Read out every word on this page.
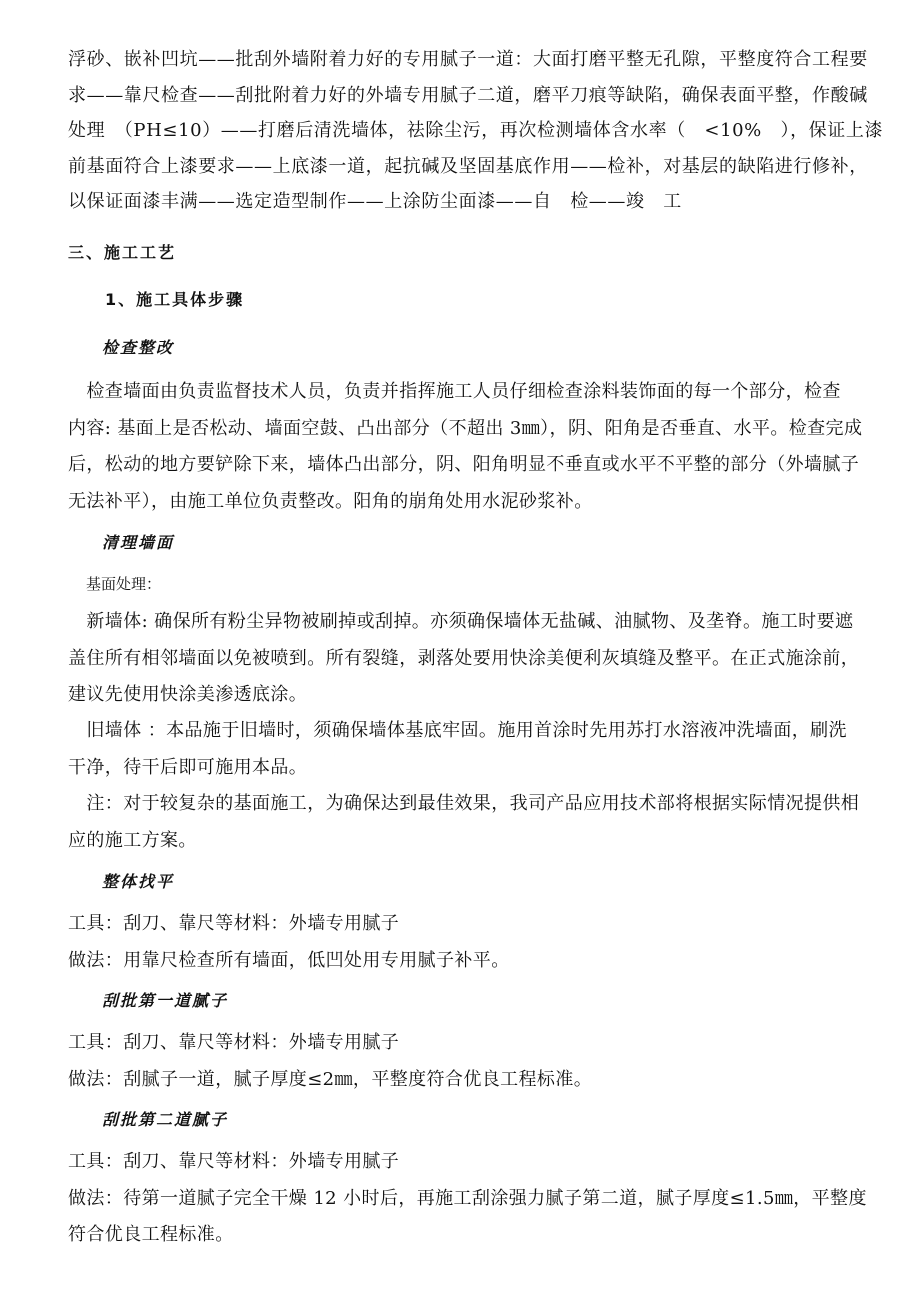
浮砂、嵌补凹坑——批刮外墙附着力好的专用腻子一道：大面打磨平整无孔隙，平整度符合工程要
求——靠尺检查——刮批附着力好的外墙专用腻子二道，磨平刀痕等缺陷，确保表面平整，作酸碱
处理　（PH≤10）——打磨后清洗墙体，祛除尘污，再次检测墙体含水率（　<10%　），保证上漆
前基面符合上漆要求——上底漆一道，起抗碱及坚固基底作用——检补，对基层的缺陷进行修补，
以保证面漆丰满——选定造型制作——上涂防尘面漆——自　检——竣　工
三、施工工艺
1、施工具体步骤
检查整改
　检查墙面由负责监督技术人员，负责并指挥施工人员仔细检查涂料装饰面的每一个部分，检查
内容: 基面上是否松动、墙面空鼓、凸出部分（不超出 3㎜），阴、阳角是否垂直、水平。检查完成
后，松动的地方要铲除下来，墙体凸出部分，阴、阳角明显不垂直或水平不平整的部分（外墙腻子
无法补平），由施工单位负责整改。阳角的崩角处用水泥砂浆补。
清理墙面
基面处理：
　新墙体: 确保所有粉尘异物被刷掉或刮掉。亦须确保墙体无盐碱、油腻物、及垄脊。施工时要遮
盖住所有相邻墙面以免被喷到。所有裂缝，剥落处要用快涂美便利灰填缝及整平。在正式施涂前，
建议先使用快涂美渗透底涂。
　旧墙体 ：本品施于旧墙时，须确保墙体基底牢固。施用首涂时先用苏打水溶液冲洗墙面，刷洗
干净，待干后即可施用本品。
　注：对于较复杂的基面施工，为确保达到最佳效果，我司产品应用技术部将根据实际情况提供相
应的施工方案。
整体找平
工具：刮刀、靠尺等材料：外墙专用腻子
做法：用靠尺检查所有墙面，低凹处用专用腻子补平。
刮批第一道腻子
工具：刮刀、靠尺等材料：外墙专用腻子
做法：刮腻子一道，腻子厚度≤2㎜，平整度符合优良工程标准。
刮批第二道腻子
工具：刮刀、靠尺等材料：外墙专用腻子
做法：待第一道腻子完全干燥 12 小时后，再施工刮涂强力腻子第二道，腻子厚度≤1.5㎜，平整度
符合优良工程标准。
